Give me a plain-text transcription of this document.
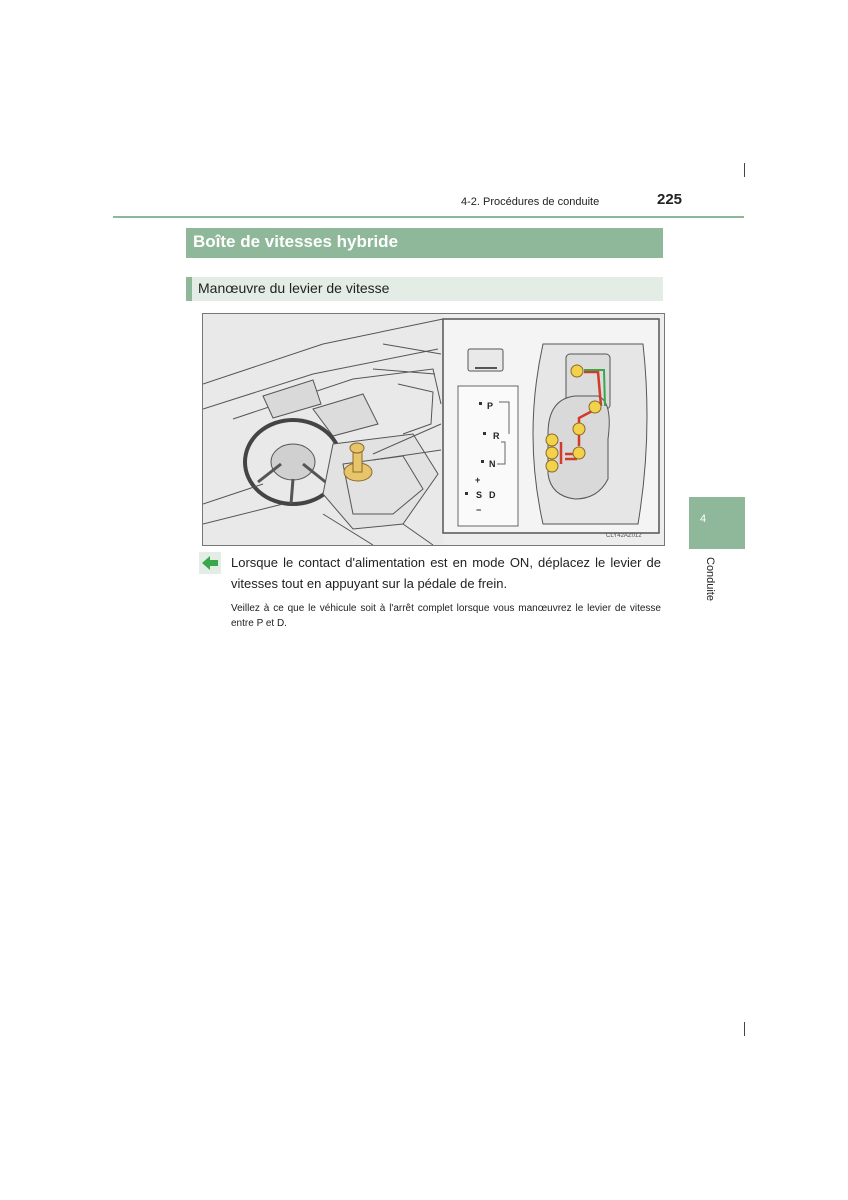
4-2. Procédures de conduite	225
Boîte de vitesses hybride
Manœuvre du levier de vitesse
P
R
N
+
S D
−
CLY42AZ012
4
Conduite
Lorsque le contact d'alimentation est en mode ON, déplacez le levier de vitesses tout en appuyant sur la pédale de frein.
Veillez à ce que le véhicule soit à l'arrêt complet lorsque vous manœuvrez le levier de vitesse entre P et D.
